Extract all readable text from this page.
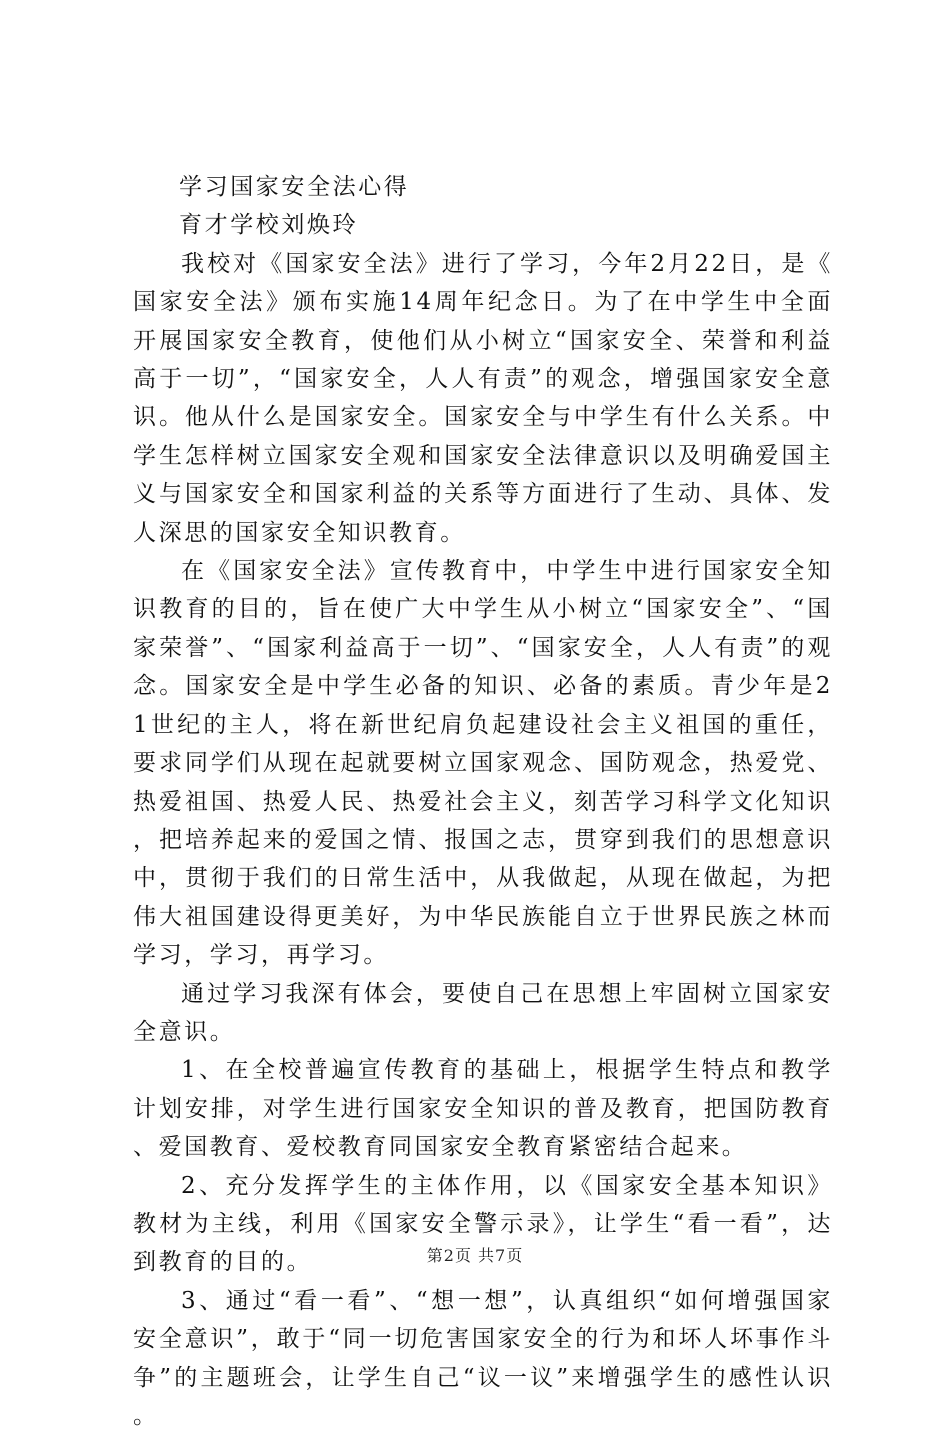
学习国家安全法心得

育才学校刘焕玲

我校对《国家安全法》进行了学习，今年2月22日，是《国家安全法》颁布实施14周年纪念日。为了在中学生中全面开展国家安全教育，使他们从小树立“国家安全、荣誉和利益高于一切”，“国家安全，人人有责”的观念，增强国家安全意识。他从什么是国家安全。国家安全与中学生有什么关系。中学生怎样树立国家安全观和国家安全法律意识以及明确爱国主义与国家安全和国家利益的关系等方面进行了生动、具体、发人深思的国家安全知识教育。

在《国家安全法》宣传教育中，中学生中进行国家安全知识教育的目的，旨在使广大中学生从小树立“国家安全”、“国家荣誉”、“国家利益高于一切”、“国家安全，人人有责”的观念。国家安全是中学生必备的知识、必备的素质。青少年是21世纪的主人，将在新世纪肩负起建设社会主义祖国的重任，要求同学们从现在起就要树立国家观念、国防观念，热爱党、热爱祖国、热爱人民、热爱社会主义，刻苦学习科学文化知识，把培养起来的爱国之情、报国之志，贯穿到我们的思想意识中，贯彻于我们的日常生活中，从我做起，从现在做起，为把伟大祖国建设得更美好，为中华民族能自立于世界民族之林而学习，学习，再学习。

通过学习我深有体会，要使自己在思想上牢固树立国家安全意识。

1、在全校普遍宣传教育的基础上，根据学生特点和教学计划安排，对学生进行国家安全知识的普及教育，把国防教育、爱国教育、爱校教育同国家安全教育紧密结合起来。

2、充分发挥学生的主体作用，以《国家安全基本知识》教材为主线，利用《国家安全警示录》，让学生“看一看”，达到教育的目的。

3、通过“看一看”、“想一想”，认真组织“如何增强国家安全意识”，敢于“同一切危害国家安全的行为和坏人坏事作斗争”的主题班会，让学生自己“议一议”来增强学生的感性认识。

第2页 共7页
